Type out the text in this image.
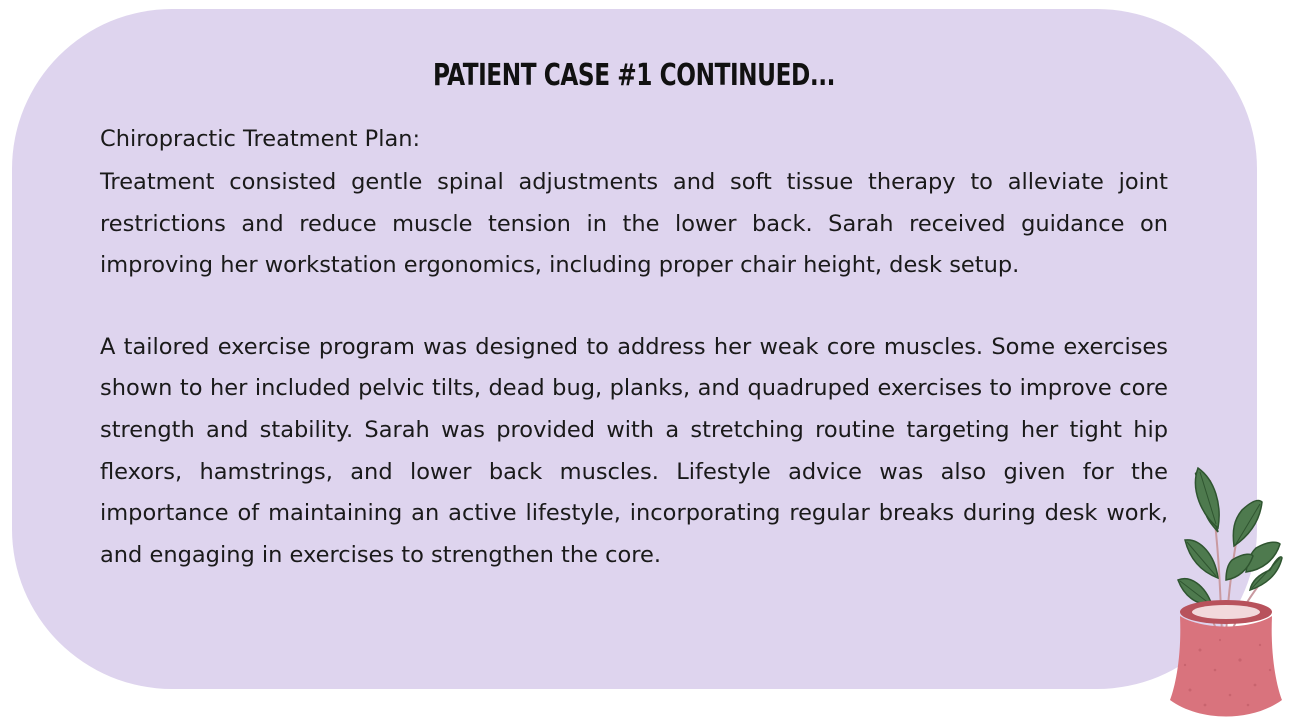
PATIENT CASE #1 CONTINUED...

Chiropractic Treatment Plan:

Treatment consisted gentle spinal adjustments and soft tissue therapy to alleviate joint restrictions and reduce muscle tension in the lower back. Sarah received guidance on improving her workstation ergonomics, including proper chair height, desk setup.

A tailored exercise program was designed to address her weak core muscles. Some exercises shown to her included pelvic tilts, dead bug, planks, and quadruped exercises to improve core strength and stability. Sarah was provided with a stretching routine targeting her tight hip flexors, hamstrings, and lower back muscles. Lifestyle advice was also given for the importance of maintaining an active lifestyle, incorporating regular breaks during desk work, and engaging in exercises to strengthen the core.
